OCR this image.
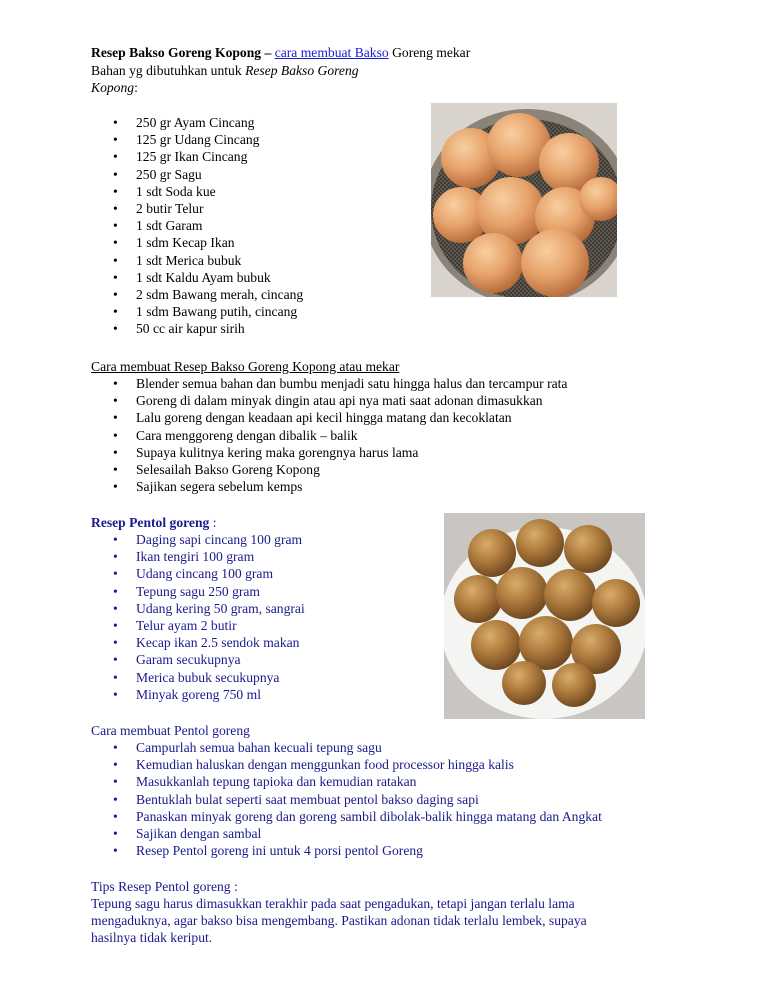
Resep Bakso Goreng Kopong – cara membuat Bakso Goreng mekar
Bahan yg dibutuhkan untuk Resep Bakso Goreng
Kopong:
• 250 gr Ayam Cincang
• 125 gr Udang Cincang
• 125 gr Ikan Cincang
• 250 gr Sagu
• 1 sdt Soda kue
• 2 butir Telur
• 1 sdt Garam
• 1 sdm Kecap Ikan
• 1 sdt Merica bubuk
• 1 sdt Kaldu Ayam bubuk
• 2 sdm Bawang merah, cincang
• 1 sdm Bawang putih, cincang
• 50 cc air kapur sirih
Cara membuat Resep Bakso Goreng Kopong atau mekar
• Blender semua bahan dan bumbu menjadi satu hingga halus dan tercampur rata
• Goreng di dalam minyak dingin atau api nya mati saat adonan dimasukkan
• Lalu goreng dengan keadaan api kecil hingga matang dan kecoklatan
• Cara menggoreng dengan dibalik – balik
• Supaya kulitnya kering maka gorengnya harus lama
• Selesailah Bakso Goreng Kopong
• Sajikan segera sebelum kemps
Resep Pentol goreng :
• Daging sapi cincang 100 gram
• Ikan tengiri 100 gram
• Udang cincang 100 gram
• Tepung sagu 250 gram
• Udang kering 50 gram, sangrai
• Telur ayam 2 butir
• Kecap ikan 2.5 sendok makan
• Garam secukupnya
• Merica bubuk secukupnya
• Minyak goreng 750 ml
Cara membuat Pentol goreng
• Campurlah semua bahan kecuali tepung sagu
• Kemudian haluskan dengan menggunkan food processor hingga kalis
• Masukkanlah tepung tapioka dan kemudian ratakan
• Bentuklah bulat seperti saat membuat pentol bakso daging sapi
• Panaskan minyak goreng dan goreng sambil dibolak-balik hingga matang dan Angkat
• Sajikan dengan sambal
• Resep Pentol goreng ini untuk 4 porsi pentol Goreng
Tips Resep Pentol goreng :
Tepung sagu harus dimasukkan terakhir pada saat pengadukan, tetapi jangan terlalu lama
mengaduknya, agar bakso bisa mengembang. Pastikan adonan tidak terlalu lembek, supaya
hasilnya tidak keriput.
